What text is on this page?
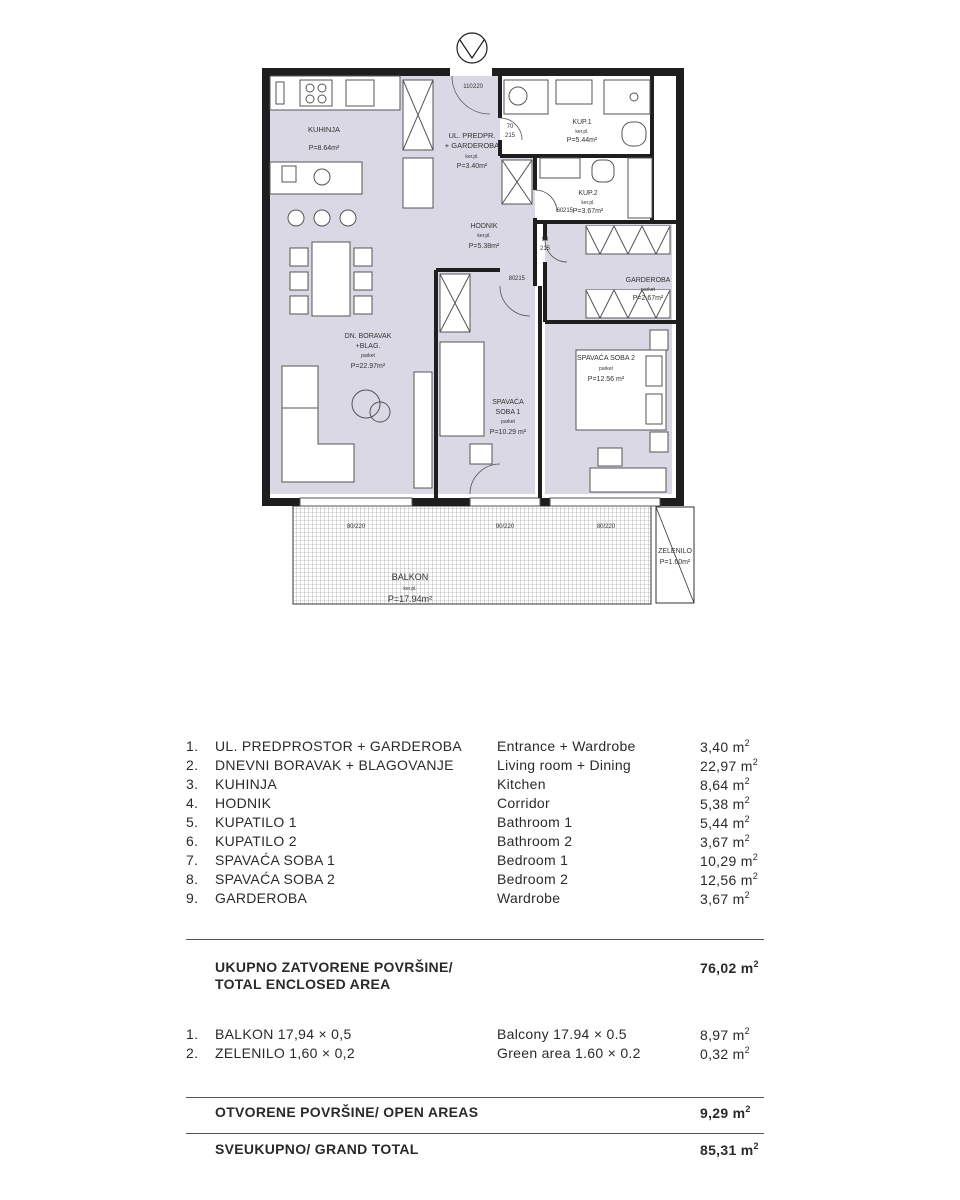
KUHINJA
P=8.64m²
UL. PREDPR.
+ GARDEROBA
ker.pl.
P=3.40m²
KUP.1
ker.pl.
P=5.44m²
KUP.2
ker.pl.
P=3.67m²
HODNIK
ker.pl.
P=5.38m²
GARDEROBA
parket
P=2.67m²
DN. BORAVAK
+BLAG.
parket
P=22.97m²
SPAVAĆA
SOBA 1
parket
P=10.29 m²
SPAVAĆA SOBA 2
parket
P=12.56 m²
BALKON
ker.pl.
P=17.94m²
ZELENILO
P=1.60m²
70
215
90
215
80 215
60 215
110 220
80/220	90/220	80/220
1. UL. PREDPROSTOR + GARDEROBA Entrance + Wardrobe	3,40 $m^2$
2. DNEVNI BORAVAK + BLAGOVANJE	Living room + Dining	22,97 $m^2$
3. KUHINJA	Kitchen	8,64 $m^2$
4. HODNIK	Corridor	5,38 $m^2$
5. KUPATILO 1	Bathroom 1	5,44 $m^2$
6. KUPATILO 2	Bathroom 2	3,67 $m^2$
7. SPAVAĆA SOBA 1	Bedroom 1	10,29 $m^2$
8. SPAVAĆA SOBA 2	Bedroom 2	12,56 $m^2$
9. GARDEROBA	Wardrobe	3,67 $m^2$
UKUPNO ZATVORENE POVRŠINE/	76,02 $m^2$
TOTAL ENCLOSED AREA
1. BALKON 17,94 × 0,5	Balcony 17.94 × 0.5	8,97 $m^2$
2. ZELENILO 1,60 × 0,2	Green area 1.60 × 0.2	0,32 $m^2$
OTVORENE POVRŠINE/ OPEN AREAS	9,29 $m^2$
SVEUKUPNO/ GRAND TOTAL	85,31 $m^2$
